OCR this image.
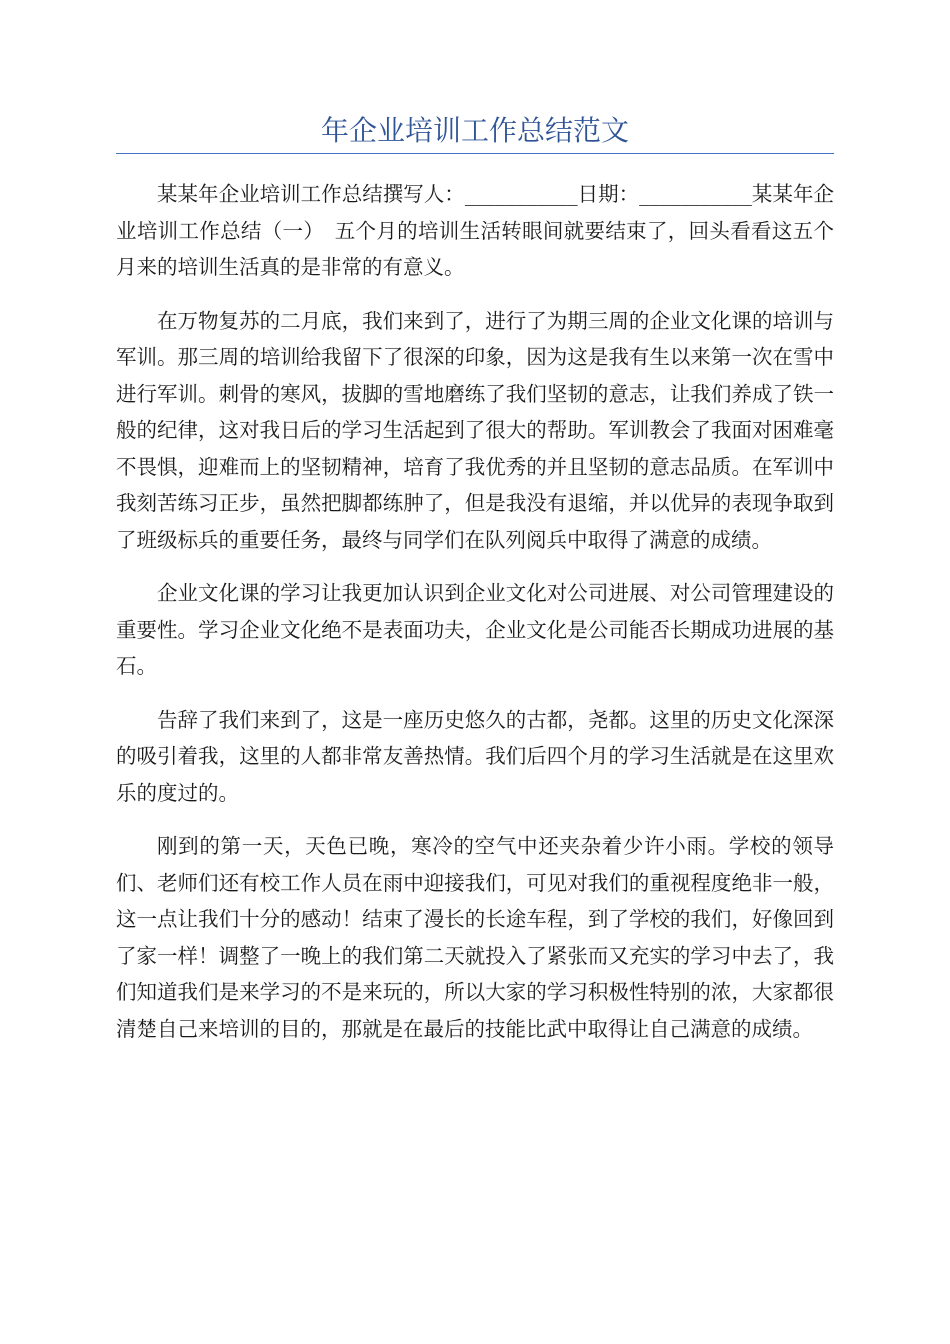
年企业培训工作总结范文

某某年企业培训工作总结撰写人：___________日期：___________某某年企业培训工作总结（一）　五个月的培训生活转眼间就要结束了，回头看看这五个月来的培训生活真的是非常的有意义。

在万物复苏的二月底，我们来到了，进行了为期三周的企业文化课的培训与军训。那三周的培训给我留下了很深的印象，因为这是我有生以来第一次在雪中进行军训。刺骨的寒风，拔脚的雪地磨练了我们坚韧的意志，让我们养成了铁一般的纪律，这对我日后的学习生活起到了很大的帮助。军训教会了我面对困难毫不畏惧，迎难而上的坚韧精神，培育了我优秀的并且坚韧的意志品质。在军训中我刻苦练习正步，虽然把脚都练肿了，但是我没有退缩，并以优异的表现争取到了班级标兵的重要任务，最终与同学们在队列阅兵中取得了满意的成绩。

企业文化课的学习让我更加认识到企业文化对公司进展、对公司管理建设的重要性。学习企业文化绝不是表面功夫，企业文化是公司能否长期成功进展的基石。

告辞了我们来到了，这是一座历史悠久的古都，尧都。这里的历史文化深深的吸引着我，这里的人都非常友善热情。我们后四个月的学习生活就是在这里欢乐的度过的。

刚到的第一天，天色已晚，寒冷的空气中还夹杂着少许小雨。学校的领导们、老师们还有校工作人员在雨中迎接我们，可见对我们的重视程度绝非一般，这一点让我们十分的感动！结束了漫长的长途车程，到了学校的我们，好像回到了家一样！调整了一晚上的我们第二天就投入了紧张而又充实的学习中去了，我们知道我们是来学习的不是来玩的，所以大家的学习积极性特别的浓，大家都很清楚自己来培训的目的，那就是在最后的技能比武中取得让自己满意的成绩。
